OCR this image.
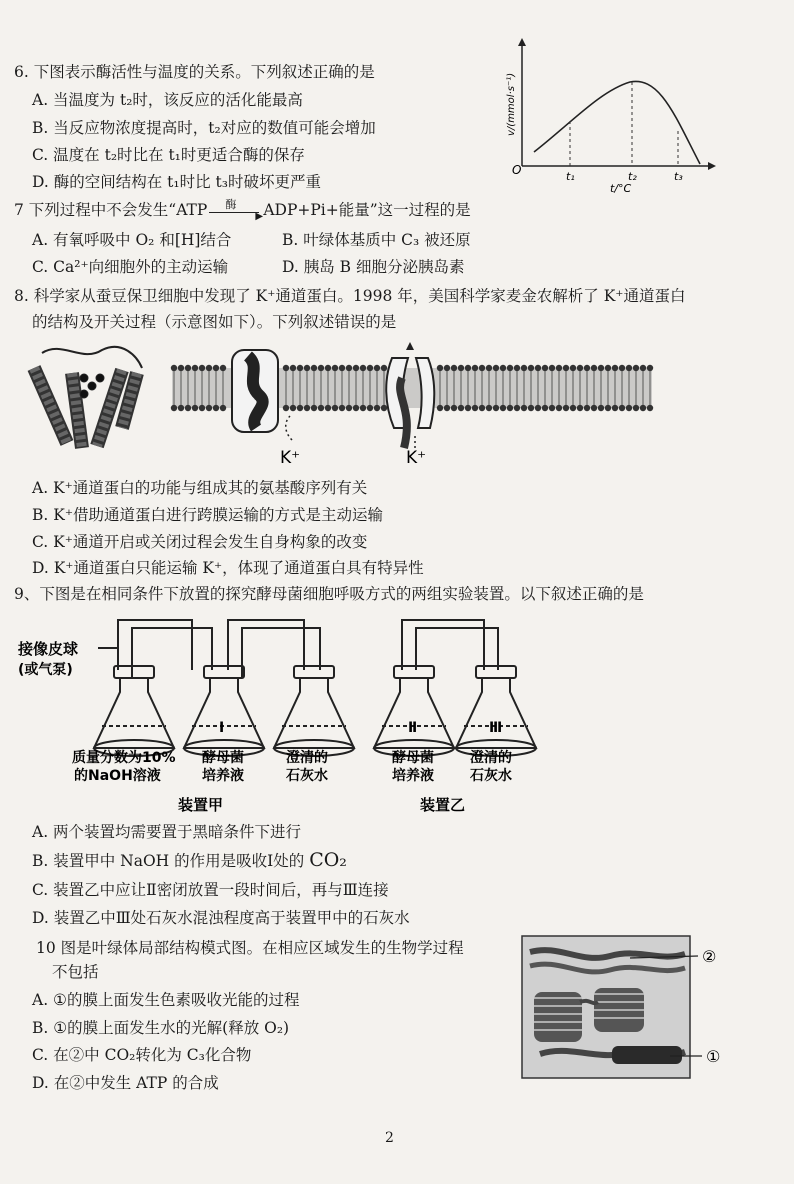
6. 下图表示酶活性与温度的关系。下列叙述正确的是
A. 当温度为 t₂时，该反应的活化能最高
B. 当反应物浓度提高时，t₂对应的数值可能会增加
C. 温度在 t₂时比在 t₁时更适合酶的保存
D. 酶的空间结构在 t₁时比 t₃时破坏更严重
O	t₁	t₂	t₃
t/°C
v/(mmol·s⁻¹)
7 下列过程中不会发生“ATP 酶
▶ ADP+Pi+能量”这一过程的是
A. 有氧呼吸中 O₂ 和[H]结合	B. 叶绿体基质中 C₃ 被还原
C. Ca²⁺向细胞外的主动运输	D. 胰岛 B 细胞分泌胰岛素
8. 科学家从蚕豆保卫细胞中发现了 K⁺通道蛋白。1998 年，美国科学家麦金农解析了 K⁺通道蛋白
的结构及开关过程（示意图如下）。下列叙述错误的是
K⁺	K⁺
A. K⁺通道蛋白的功能与组成其的氨基酸序列有关
B. K⁺借助通道蛋白进行跨膜运输的方式是主动运输
C. K⁺通道开启或关闭过程会发生自身构象的改变
D. K⁺通道蛋白只能运输 K⁺，体现了通道蛋白具有特异性
9、下图是在相同条件下放置的探究酵母菌细胞呼吸方式的两组实验装置。以下叙述正确的是
接像皮球
(或气泵)
Ⅰ	Ⅱ	Ⅲ
质量分数为10%
的NaOH溶液
酵母菌
培养液
澄清的
石灰水
酵母菌
培养液
澄清的
石灰水
装置甲	装置乙
A. 两个装置均需要置于黑暗条件下进行
B. 装置甲中 NaOH 的作用是吸收Ⅰ处的 CO₂
C. 装置乙中应让Ⅱ密闭放置一段时间后，再与Ⅲ连接
D. 装置乙中Ⅲ处石灰水混浊程度高于装置甲中的石灰水
10 图是叶绿体局部结构模式图。在相应区域发生的生物学过程
不包括
A. ①的膜上面发生色素吸收光能的过程
B. ①的膜上面发生水的光解(释放 O₂)
C. 在②中 CO₂转化为 C₃化合物
D. 在②中发生 ATP 的合成
②
①
2
